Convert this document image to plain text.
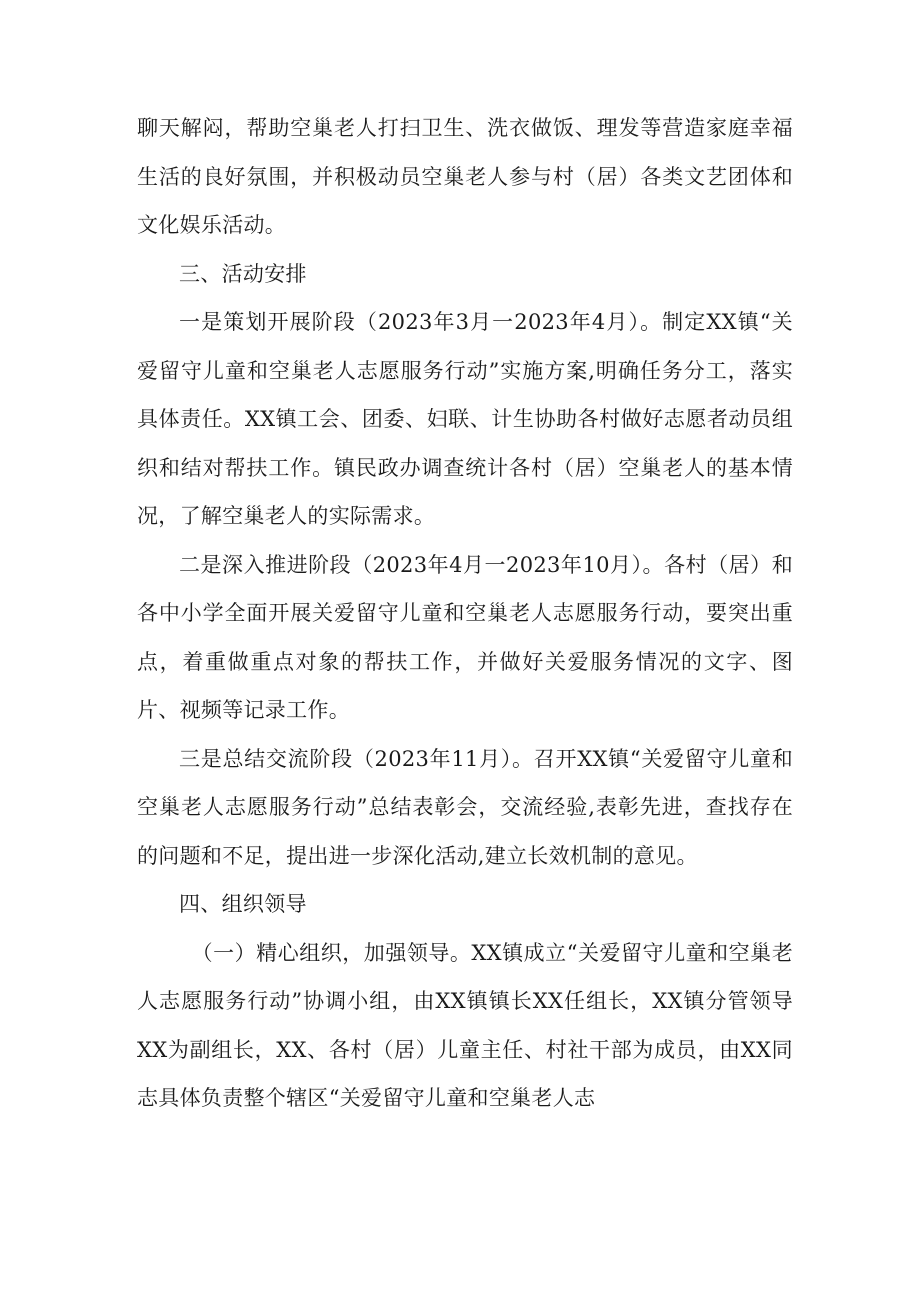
聊天解闷，帮助空巢老人打扫卫生、洗衣做饭、理发等营造家庭幸福生活的良好氛围，并积极动员空巢老人参与村（居）各类文艺团体和文化娱乐活动。

三、活动安排

一是策划开展阶段（2023年3月一2023年4月）。制定XX镇“关爱留守儿童和空巢老人志愿服务行动”实施方案,明确任务分工，落实具体责任。XX镇工会、团委、妇联、计生协助各村做好志愿者动员组织和结对帮扶工作。镇民政办调查统计各村（居）空巢老人的基本情况，了解空巢老人的实际需求。

二是深入推进阶段（2023年4月一2023年10月）。各村（居）和各中小学全面开展关爱留守儿童和空巢老人志愿服务行动，要突出重点，着重做重点对象的帮扶工作，并做好关爱服务情况的文字、图片、视频等记录工作。

三是总结交流阶段（2023年11月）。召开XX镇“关爱留守儿童和空巢老人志愿服务行动”总结表彰会，交流经验,表彰先进，查找存在的问题和不足，提出进一步深化活动,建立长效机制的意见。

四、组织领导

（一）精心组织，加强领导。XX镇成立“关爱留守儿童和空巢老人志愿服务行动”协调小组，由XX镇镇长XX任组长，XX镇分管领导XX为副组长，XX、各村（居）儿童主任、村社干部为成员，由XX同志具体负责整个辖区“关爱留守儿童和空巢老人志
